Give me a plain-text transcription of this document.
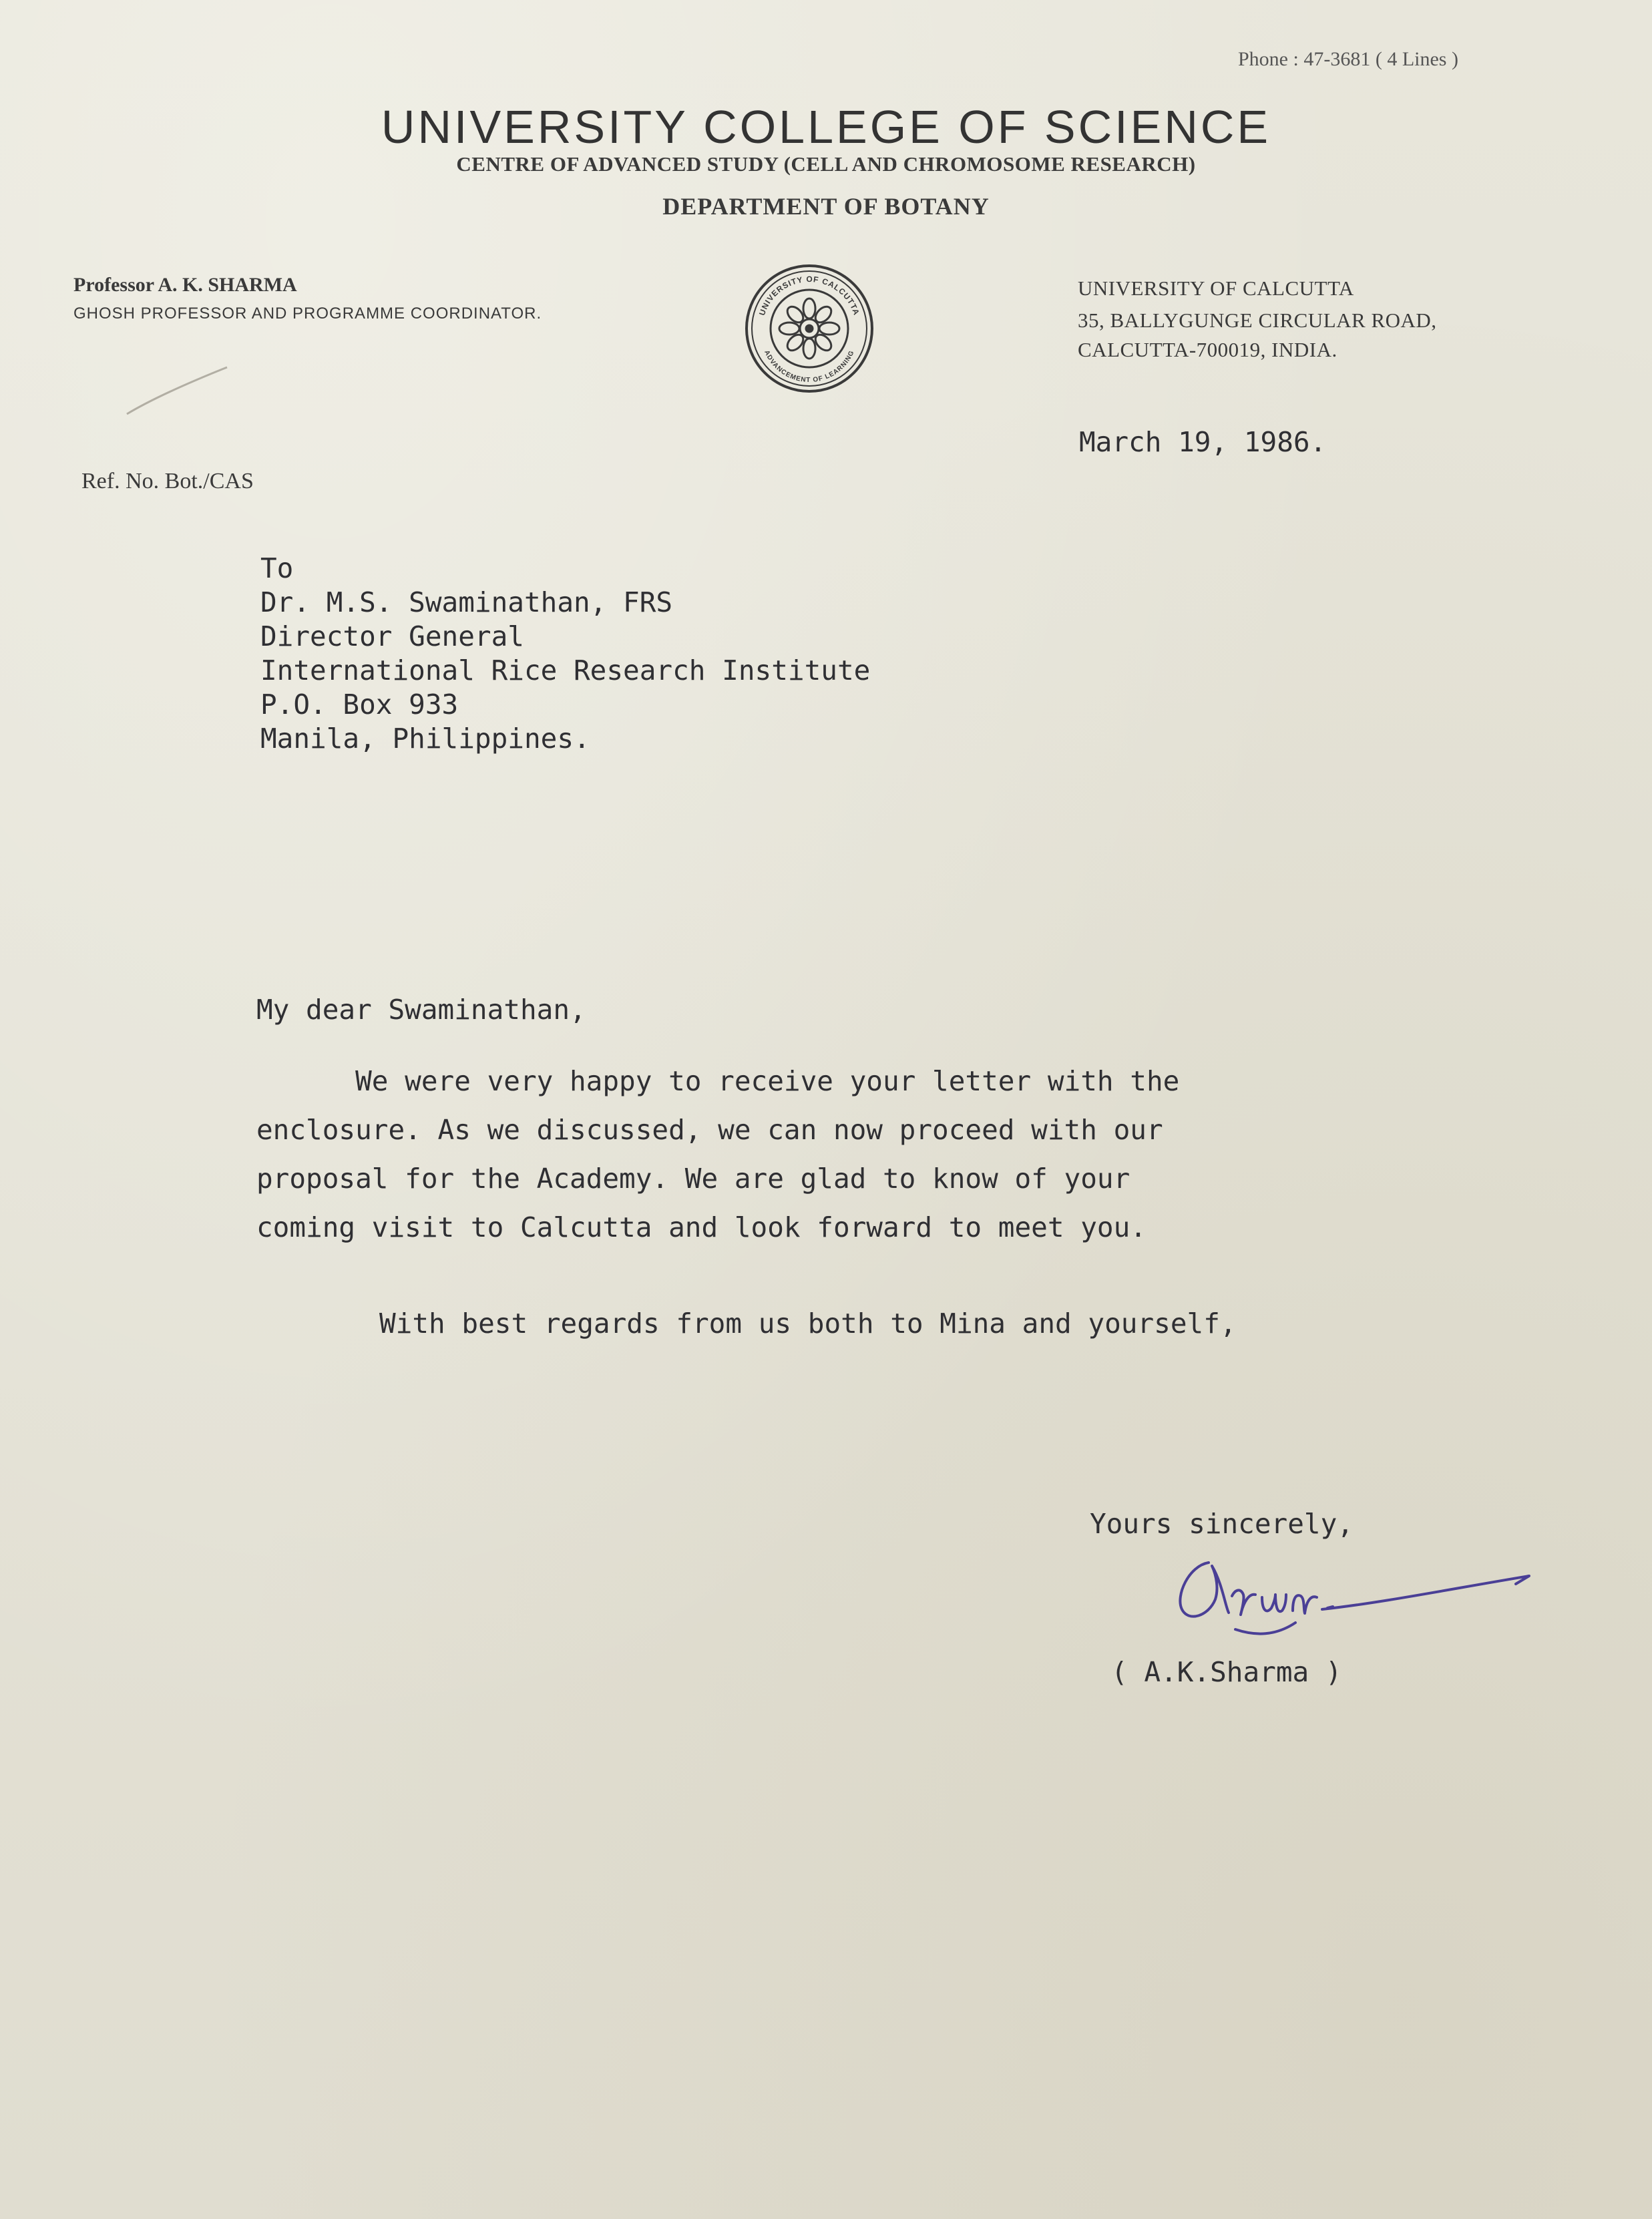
Phone : 47-3681 ( 4 Lines )
UNIVERSITY COLLEGE OF SCIENCE
CENTRE OF ADVANCED STUDY (CELL AND CHROMOSOME RESEARCH)
DEPARTMENT OF BOTANY
Professor A. K. SHARMA
GHOSH PROFESSOR AND PROGRAMME COORDINATOR.	UNIVERSITY OF CALCUTTA
ADVANCEMENT OF LEARNING
UNIVERSITY OF CALCUTTA
35, BALLYGUNGE CIRCULAR ROAD,
CALCUTTA-700019, INDIA.
March 19, 1986.
Ref. No. Bot./CAS
To
Dr. M.S. Swaminathan, FRS
Director General
International Rice Research Institute
P.O. Box 933
Manila, Philippines.
My dear Swaminathan,
We were very happy to receive your letter with the
enclosure. As we discussed, we can now proceed with our
proposal for the Academy. We are glad to know of your
coming visit to Calcutta and look forward to meet you.
With best regards from us both to Mina and yourself,
Yours sincerely,
( A.K.Sharma )
